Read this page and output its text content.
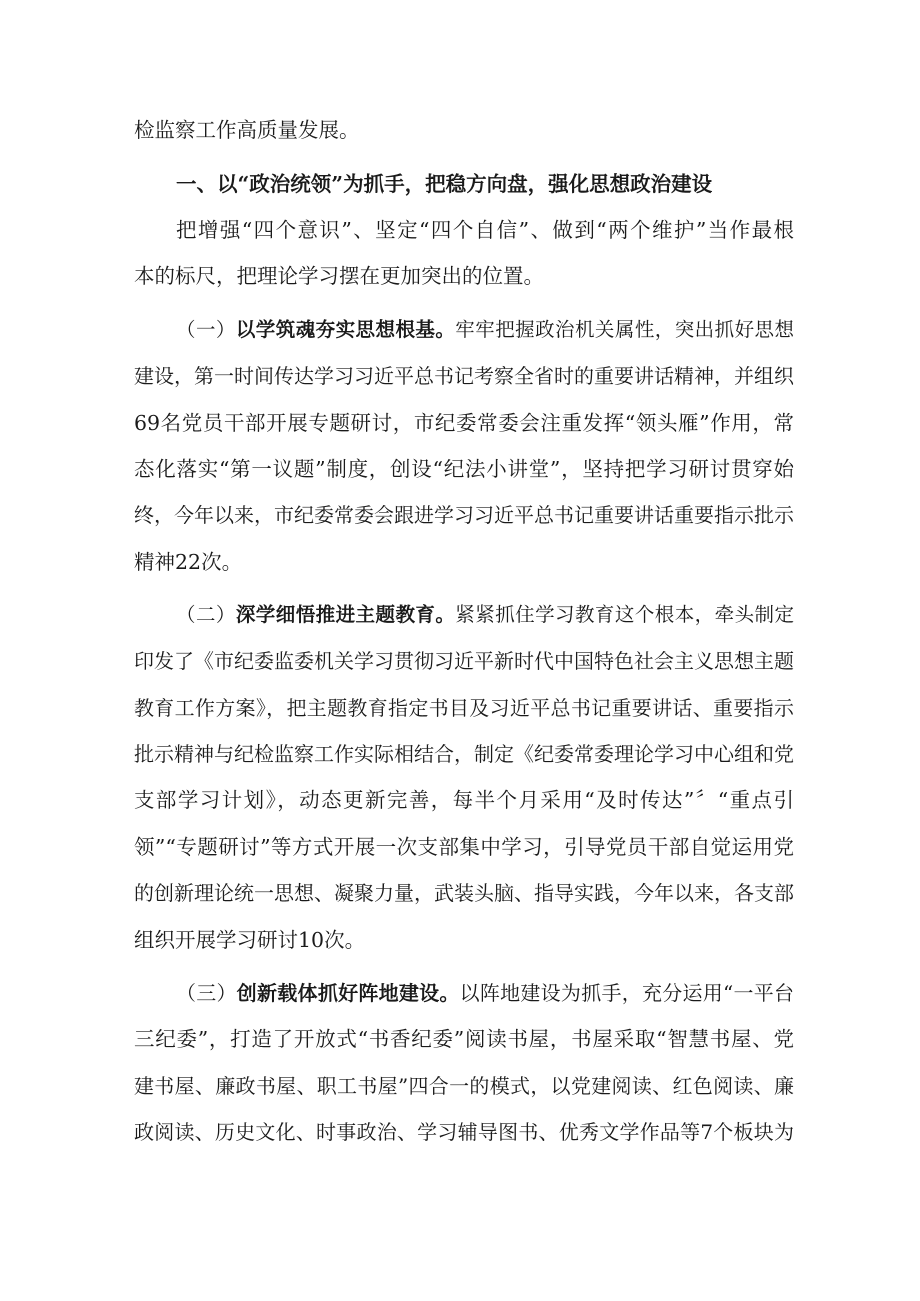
检监察工作高质量发展。
一、以“政治统领”为抓手，把稳方向盘，强化思想政治建设
把增强“四个意识”、坚定“四个自信”、做到“两个维护”当作最根
本的标尺，把理论学习摆在更加突出的位置。
（一）以学筑魂夯实思想根基。牢牢把握政治机关属性，突出抓好思想
建设，第一时间传达学习习近平总书记考察全省时的重要讲话精神，并组织
69名党员干部开展专题研讨，市纪委常委会注重发挥“领头雁”作用，常
态化落实“第一议题”制度，创设“纪法小讲堂”，坚持把学习研讨贯穿始
终，今年以来，市纪委常委会跟进学习习近平总书记重要讲话重要指示批示
精神22次。
（二）深学细悟推进主题教育。紧紧抓住学习教育这个根本，牵头制定
印发了《市纪委监委机关学习贯彻习近平新时代中国特色社会主义思想主题
教育工作方案》，把主题教育指定书目及习近平总书记重要讲话、重要指示
批示精神与纪检监察工作实际相结合，制定《纪委常委理论学习中心组和党
支部学习计划》，动态更新完善，每半个月采用“及时传达”〞“重点引
领”“专题研讨”等方式开展一次支部集中学习，引导党员干部自觉运用党
的创新理论统一思想、凝聚力量，武装头脑、指导实践，今年以来，各支部
组织开展学习研讨10次。
（三）创新载体抓好阵地建设。以阵地建设为抓手，充分运用“一平台
三纪委”，打造了开放式“书香纪委”阅读书屋，书屋采取“智慧书屋、党
建书屋、廉政书屋、职工书屋”四合一的模式，以党建阅读、红色阅读、廉
政阅读、历史文化、时事政治、学习辅导图书、优秀文学作品等7个板块为
